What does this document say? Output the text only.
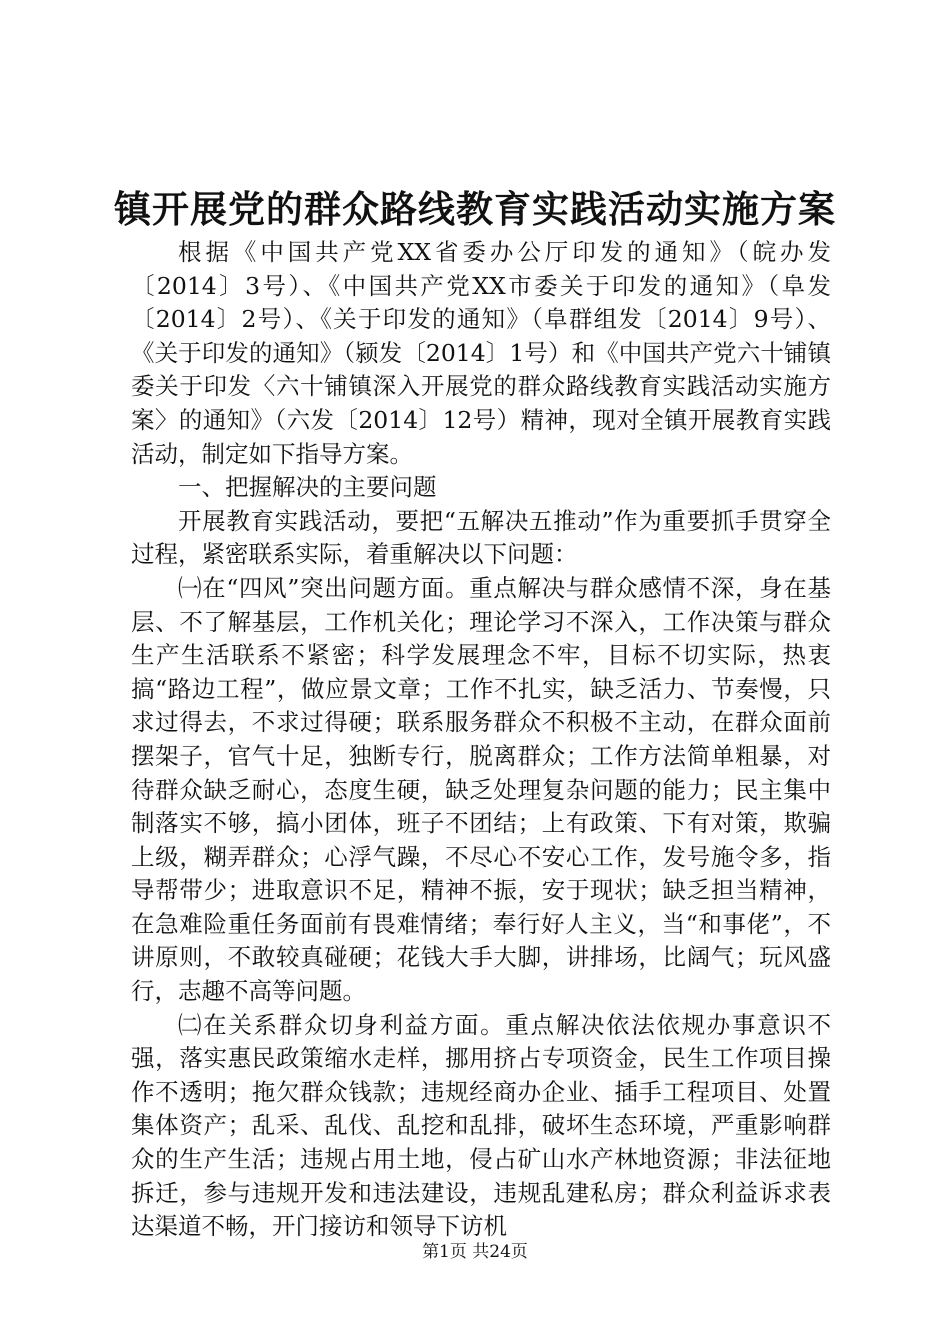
镇开展党的群众路线教育实践活动实施方案

根据《中国共产党XX省委办公厅印发的通知》（皖办发〔2014〕3号）、《中国共产党XX市委关于印发的通知》（阜发〔2014〕2号）、《关于印发的通知》（阜群组发〔2014〕9号）、《关于印发的通知》（颍发〔2014〕1号）和《中国共产党六十铺镇委关于印发〈六十铺镇深入开展党的群众路线教育实践活动实施方案〉的通知》（六发〔2014〕12号）精神，现对全镇开展教育实践活动，制定如下指导方案。

一、把握解决的主要问题

开展教育实践活动，要把“五解决五推动”作为重要抓手贯穿全过程，紧密联系实际，着重解决以下问题：

㈠在“四风”突出问题方面。重点解决与群众感情不深，身在基层、不了解基层，工作机关化；理论学习不深入，工作决策与群众生产生活联系不紧密；科学发展理念不牢，目标不切实际，热衷搞“路边工程”，做应景文章；工作不扎实，缺乏活力、节奏慢，只求过得去，不求过得硬；联系服务群众不积极不主动，在群众面前摆架子，官气十足，独断专行，脱离群众；工作方法简单粗暴，对待群众缺乏耐心，态度生硬，缺乏处理复杂问题的能力；民主集中制落实不够，搞小团体，班子不团结；上有政策、下有对策，欺骗上级，糊弄群众；心浮气躁，不尽心不安心工作，发号施令多，指导帮带少；进取意识不足，精神不振，安于现状；缺乏担当精神，在急难险重任务面前有畏难情绪；奉行好人主义，当“和事佬”，不讲原则，不敢较真碰硬；花钱大手大脚，讲排场，比阔气；玩风盛行，志趣不高等问题。

㈡在关系群众切身利益方面。重点解决依法依规办事意识不强，落实惠民政策缩水走样，挪用挤占专项资金，民生工作项目操作不透明；拖欠群众钱款；违规经商办企业、插手工程项目、处置集体资产；乱采、乱伐、乱挖和乱排，破坏生态环境，严重影响群众的生产生活；违规占用土地，侵占矿山水产林地资源；非法征地拆迁，参与违规开发和违法建设，违规乱建私房；群众利益诉求表达渠道不畅，开门接访和领导下访机

第1页 共24页
